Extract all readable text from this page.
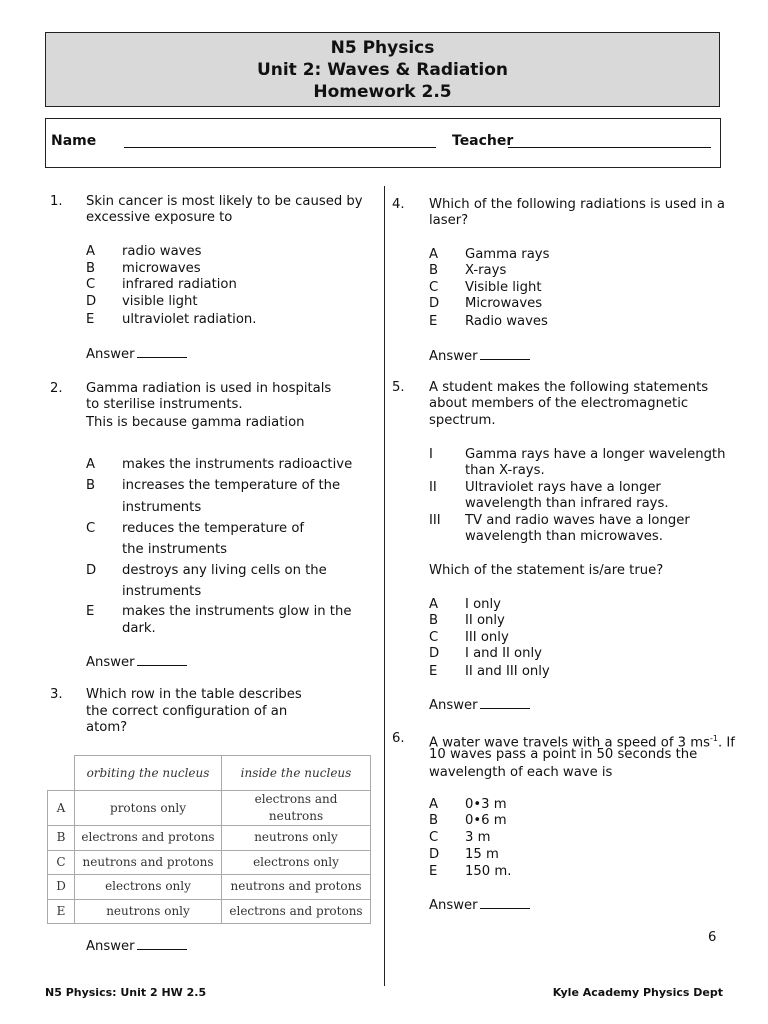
N5 Physics
Unit 2: Waves & Radiation
Homework 2.5
Name	Teacher
1. Skin cancer is most likely to be caused by
excessive exposure to
A radio waves
B microwaves
C infrared radiation
D visible light
E ultraviolet radiation.
Answer
2. Gamma radiation is used in hospitals
to sterilise instruments.
This is because gamma radiation
A makes the instruments radioactive
B increases the temperature of the
instruments
C reduces the temperature of
the instruments
D destroys any living cells on the
instruments
E makes the instruments glow in the
dark.
Answer
3. Which row in the table describes
the correct configuration of an
atom?
	orbiting the nucleus	inside the nucleus
A	protons only	electrons and neutrons
B	electrons and protons	neutrons only
C	neutrons and protons	electrons only
D	electrons only	neutrons and protons
E	neutrons only	electrons and protons
Answer
4. Which of the following radiations is used in a
laser?
A Gamma rays
B X-rays
C Visible light
D Microwaves
E Radio waves
Answer
5. A student makes the following statements
about members of the electromagnetic
spectrum.
I Gamma rays have a longer wavelength
than X-rays.
II Ultraviolet rays have a longer
wavelength than infrared rays.
III TV and radio waves have a longer
wavelength than microwaves.
Which of the statement is/are true?
A I only
B II only
C III only
D I and II only
E II and III only
Answer
6. A water wave travels with a speed of 3 $ms^{-1}$. If
10 waves pass a point in 50 seconds the
wavelength of each wave is
A 0•3 m
B 0•6 m
C 3 m
D 15 m
E 150 m.
Answer
6
N5 Physics: Unit 2 HW 2.5	Kyle Academy Physics Dept
